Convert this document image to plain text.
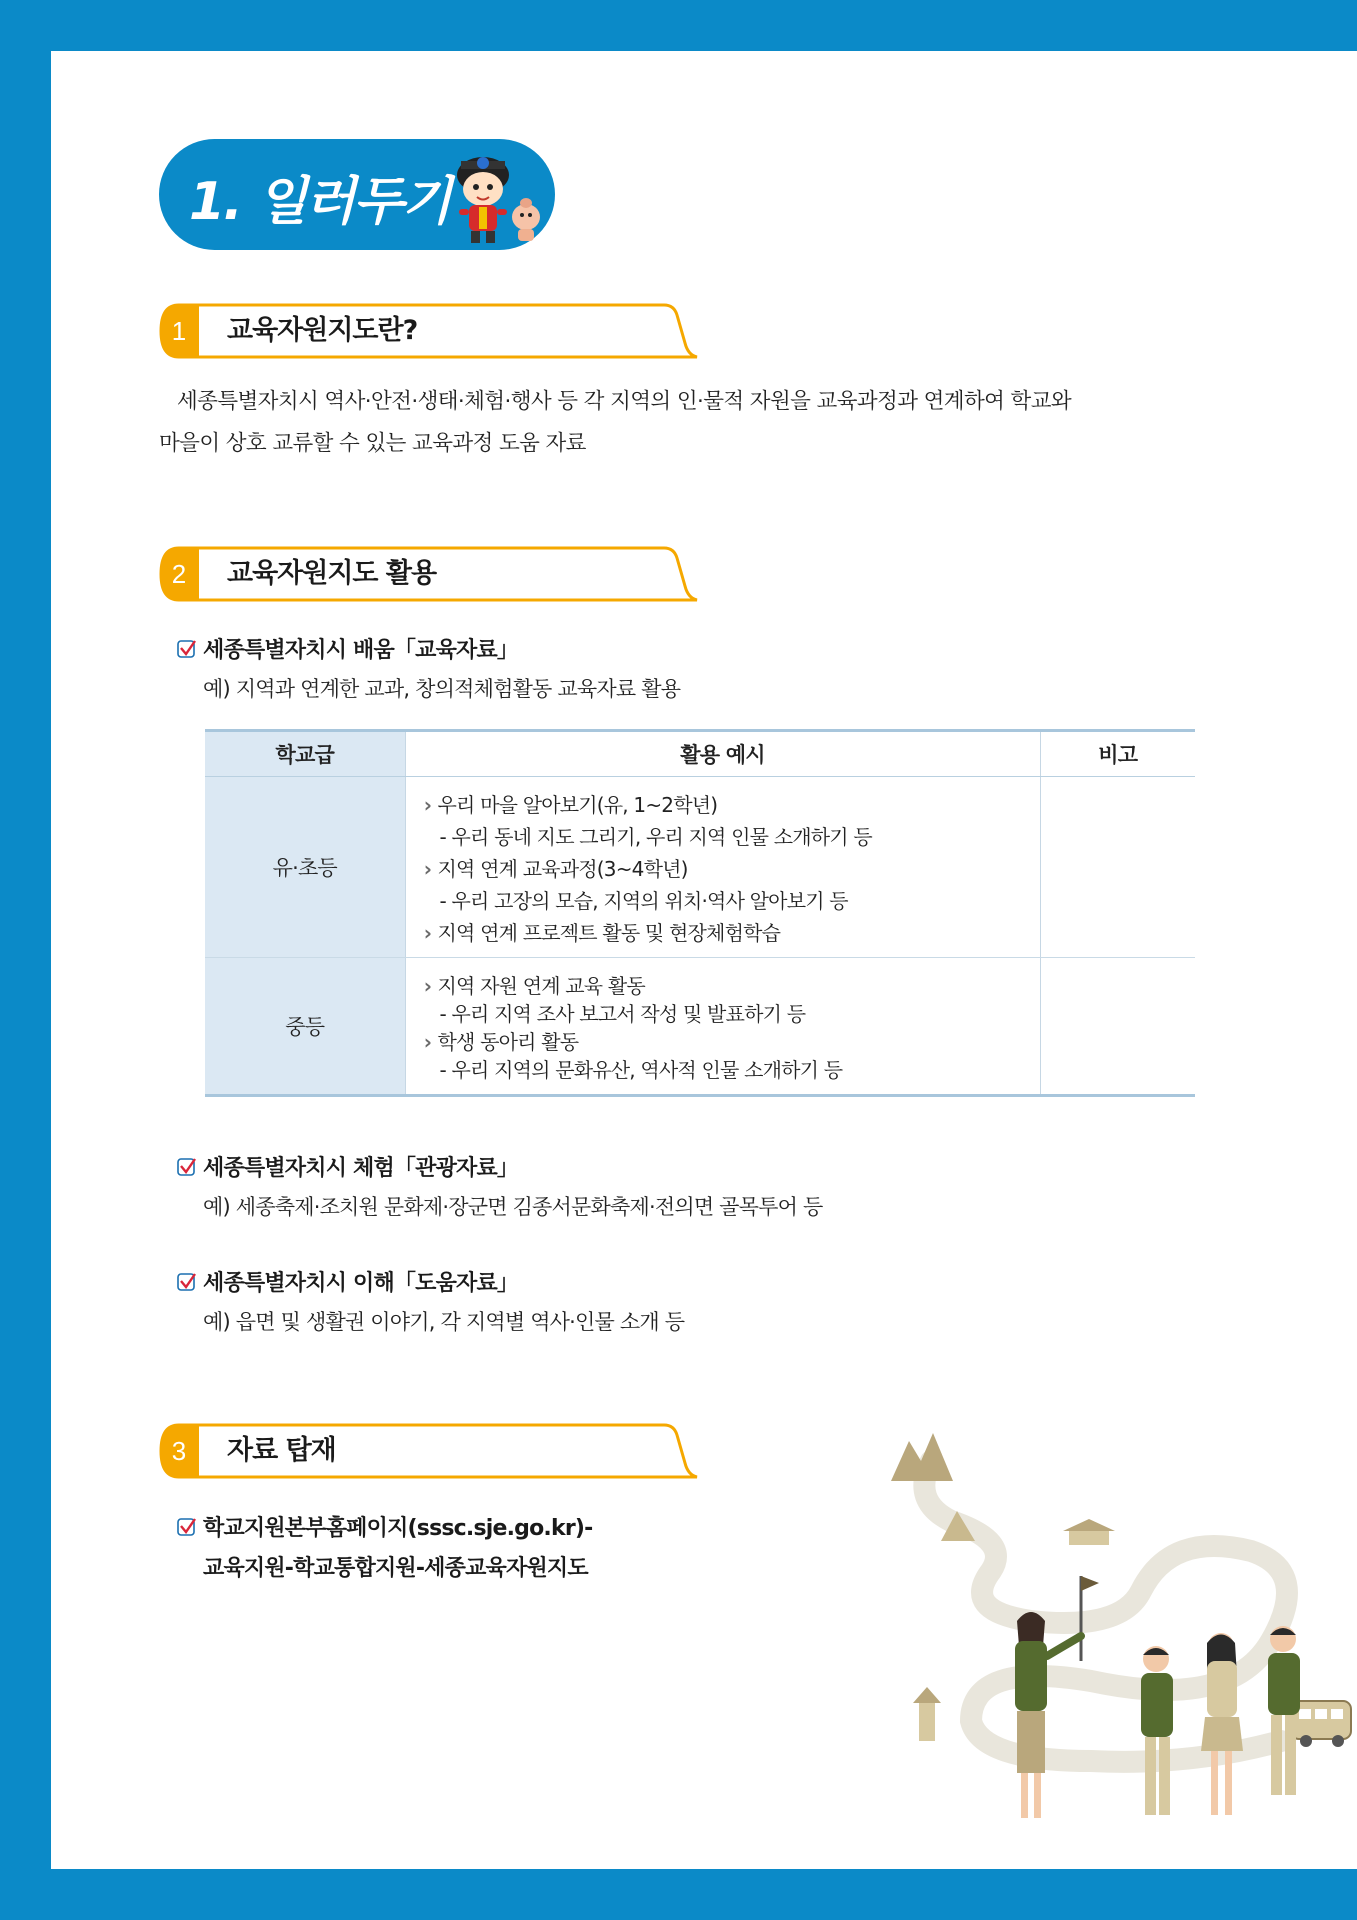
1. 일러두기
1	교육자원지도란?
세종특별자치시 역사·안전·생태·체험·행사 등 각 지역의 인·물적 자원을 교육과정과 연계하여 학교와
마을이 상호 교류할 수 있는 교육과정 도움 자료
2	교육자원지도 활용
세종특별자치시 배움「교육자료」
예) 지역과 연계한 교과, 창의적체험활동 교육자료 활용
학교급	활용 예시	비고
유·초등	› 우리 마을 알아보기(유, 1~2학년)
- 우리 동네 지도 그리기, 우리 지역 인물 소개하기 등
› 지역 연계 교육과정(3~4학년)
- 우리 고장의 모습, 지역의 위치·역사 알아보기 등
› 지역 연계 프로젝트 활동 및 현장체험학습

중등	› 지역 자원 연계 교육 활동
- 우리 지역 조사 보고서 작성 및 발표하기 등
› 학생 동아리 활동
- 우리 지역의 문화유산, 역사적 인물 소개하기 등

세종특별자치시 체험「관광자료」
예) 세종축제·조치원 문화제·장군면 김종서문화축제·전의면 골목투어 등
세종특별자치시 이해「도움자료」
예) 읍면 및 생활권 이야기, 각 지역별 역사·인물 소개 등
3	자료 탑재
학교지원본부홈페이지(sssc.sje.go.kr)-
교육지원-학교통합지원-세종교육자원지도
